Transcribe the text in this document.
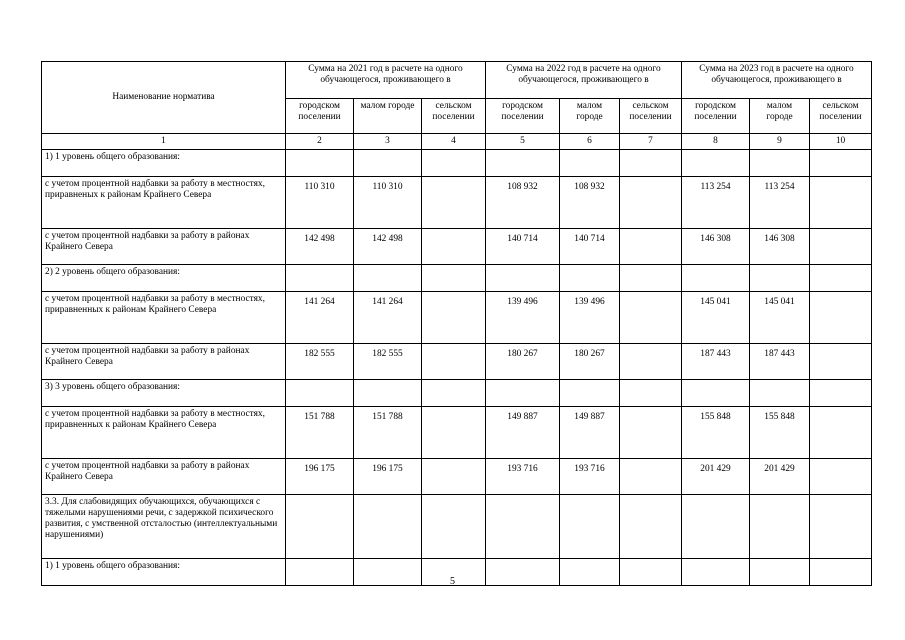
Наименование норматива	Сумма на 2021 год в расчете на одного обучающегося, проживающего в			Сумма на 2022 год в расчете на одного обучающегося, проживающего в			Сумма на 2023 год в расчете на одного обучающегося, проживающего в		
	городском поселении	малом городе	сельском поселении	городском поселении	малом городе	сельском поселении	городском поселении	малом городе	сельском поселении
1	2	3	4	5	6	7	8	9	10
1) 1 уровень общего образования:									
с учетом процентной надбавки за работу в местностях, приравненых к районам Крайнего Севера	110 310	110 310		108 932	108 932		113 254	113 254	
с учетом процентной надбавки за работу в районах Крайнего Севера	142 498	142 498		140 714	140 714		146 308	146 308	
2) 2 уровень общего образования:									
с учетом процентной надбавки за работу в местностях, приравненных к районам Крайнего Севера	141 264	141 264		139 496	139 496		145 041	145 041	
с учетом процентной надбавки за работу в районах Крайнего Севера	182 555	182 555		180 267	180 267		187 443	187 443	
3) 3 уровень общего образования:									
с учетом процентной надбавки за работу в местностях, приравненных к районам Крайнего Севера	151 788	151 788		149 887	149 887		155 848	155 848	
с учетом процентной надбавки за работу в районах Крайнего Севера	196 175	196 175		193 716	193 716		201 429	201 429	
3.3. Для слабовидящих обучающихся, обучающихся с тяжелыми нарушениями речи, с задержкой психического развития, с умственной отсталостью (интеллектуальными нарушениями)									
1) 1 уровень общего образования:									
5
